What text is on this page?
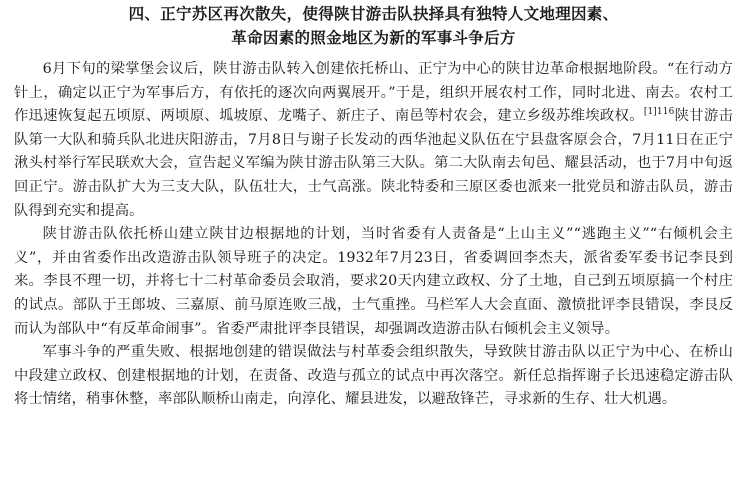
四、正宁苏区再次散失，使得陕甘游击队抉择具有独特人文地理因素、
革命因素的照金地区为新的军事斗争后方

6月下旬的梁掌堡会议后，陕甘游击队转入创建依托桥山、正宁为中心的陕甘边革命根据地阶段。“在行动方针上，确定以正宁为军事后方，有依托的逐次向两翼展开。”于是，组织开展农村工作，同时北进、南去。农村工作迅速恢复起五顷原、两顷原、坬坡原、龙嘴子、新庄子、南邑等村农会，建立乡级苏维埃政权。$^{[1]116}$陕甘游击队第一大队和骑兵队北进庆阳游击，7月8日与谢子长发动的西华池起义队伍在宁县盘客原会合，7月11日在正宁湫头村举行军民联欢大会，宣告起义军编为陕甘游击队第三大队。第二大队南去旬邑、耀县活动，也于7月中旬返回正宁。游击队扩大为三支大队，队伍壮大，士气高涨。陕北特委和三原区委也派来一批党员和游击队员，游击队得到充实和提高。

陕甘游击队依托桥山建立陕甘边根据地的计划，当时省委有人责备是“上山主义”“逃跑主义”“右倾机会主义”，并由省委作出改造游击队领导班子的决定。1932年7月23日，省委调回李杰夫，派省委军委书记李艮到来。李艮不理一切，并将七十二村革命委员会取消，要求20天内建立政权、分了土地，自己到五顷原搞一个村庄的试点。部队于王郎坡、三嘉原、前马原连败三战，士气重挫。马栏军人大会直面、激愤批评李艮错误，李艮反而认为部队中“有反革命闹事”。省委严肃批评李艮错误，却强调改造游击队右倾机会主义领导。

军事斗争的严重失败、根据地创建的错误做法与村革委会组织散失，导致陕甘游击队以正宁为中心、在桥山中段建立政权、创建根据地的计划，在责备、改造与孤立的试点中再次落空。新任总指挥谢子长迅速稳定游击队将士情绪，稍事休整，率部队顺桥山南走，向淳化、耀县进发，以避敌锋芒，寻求新的生存、壮大机遇。
